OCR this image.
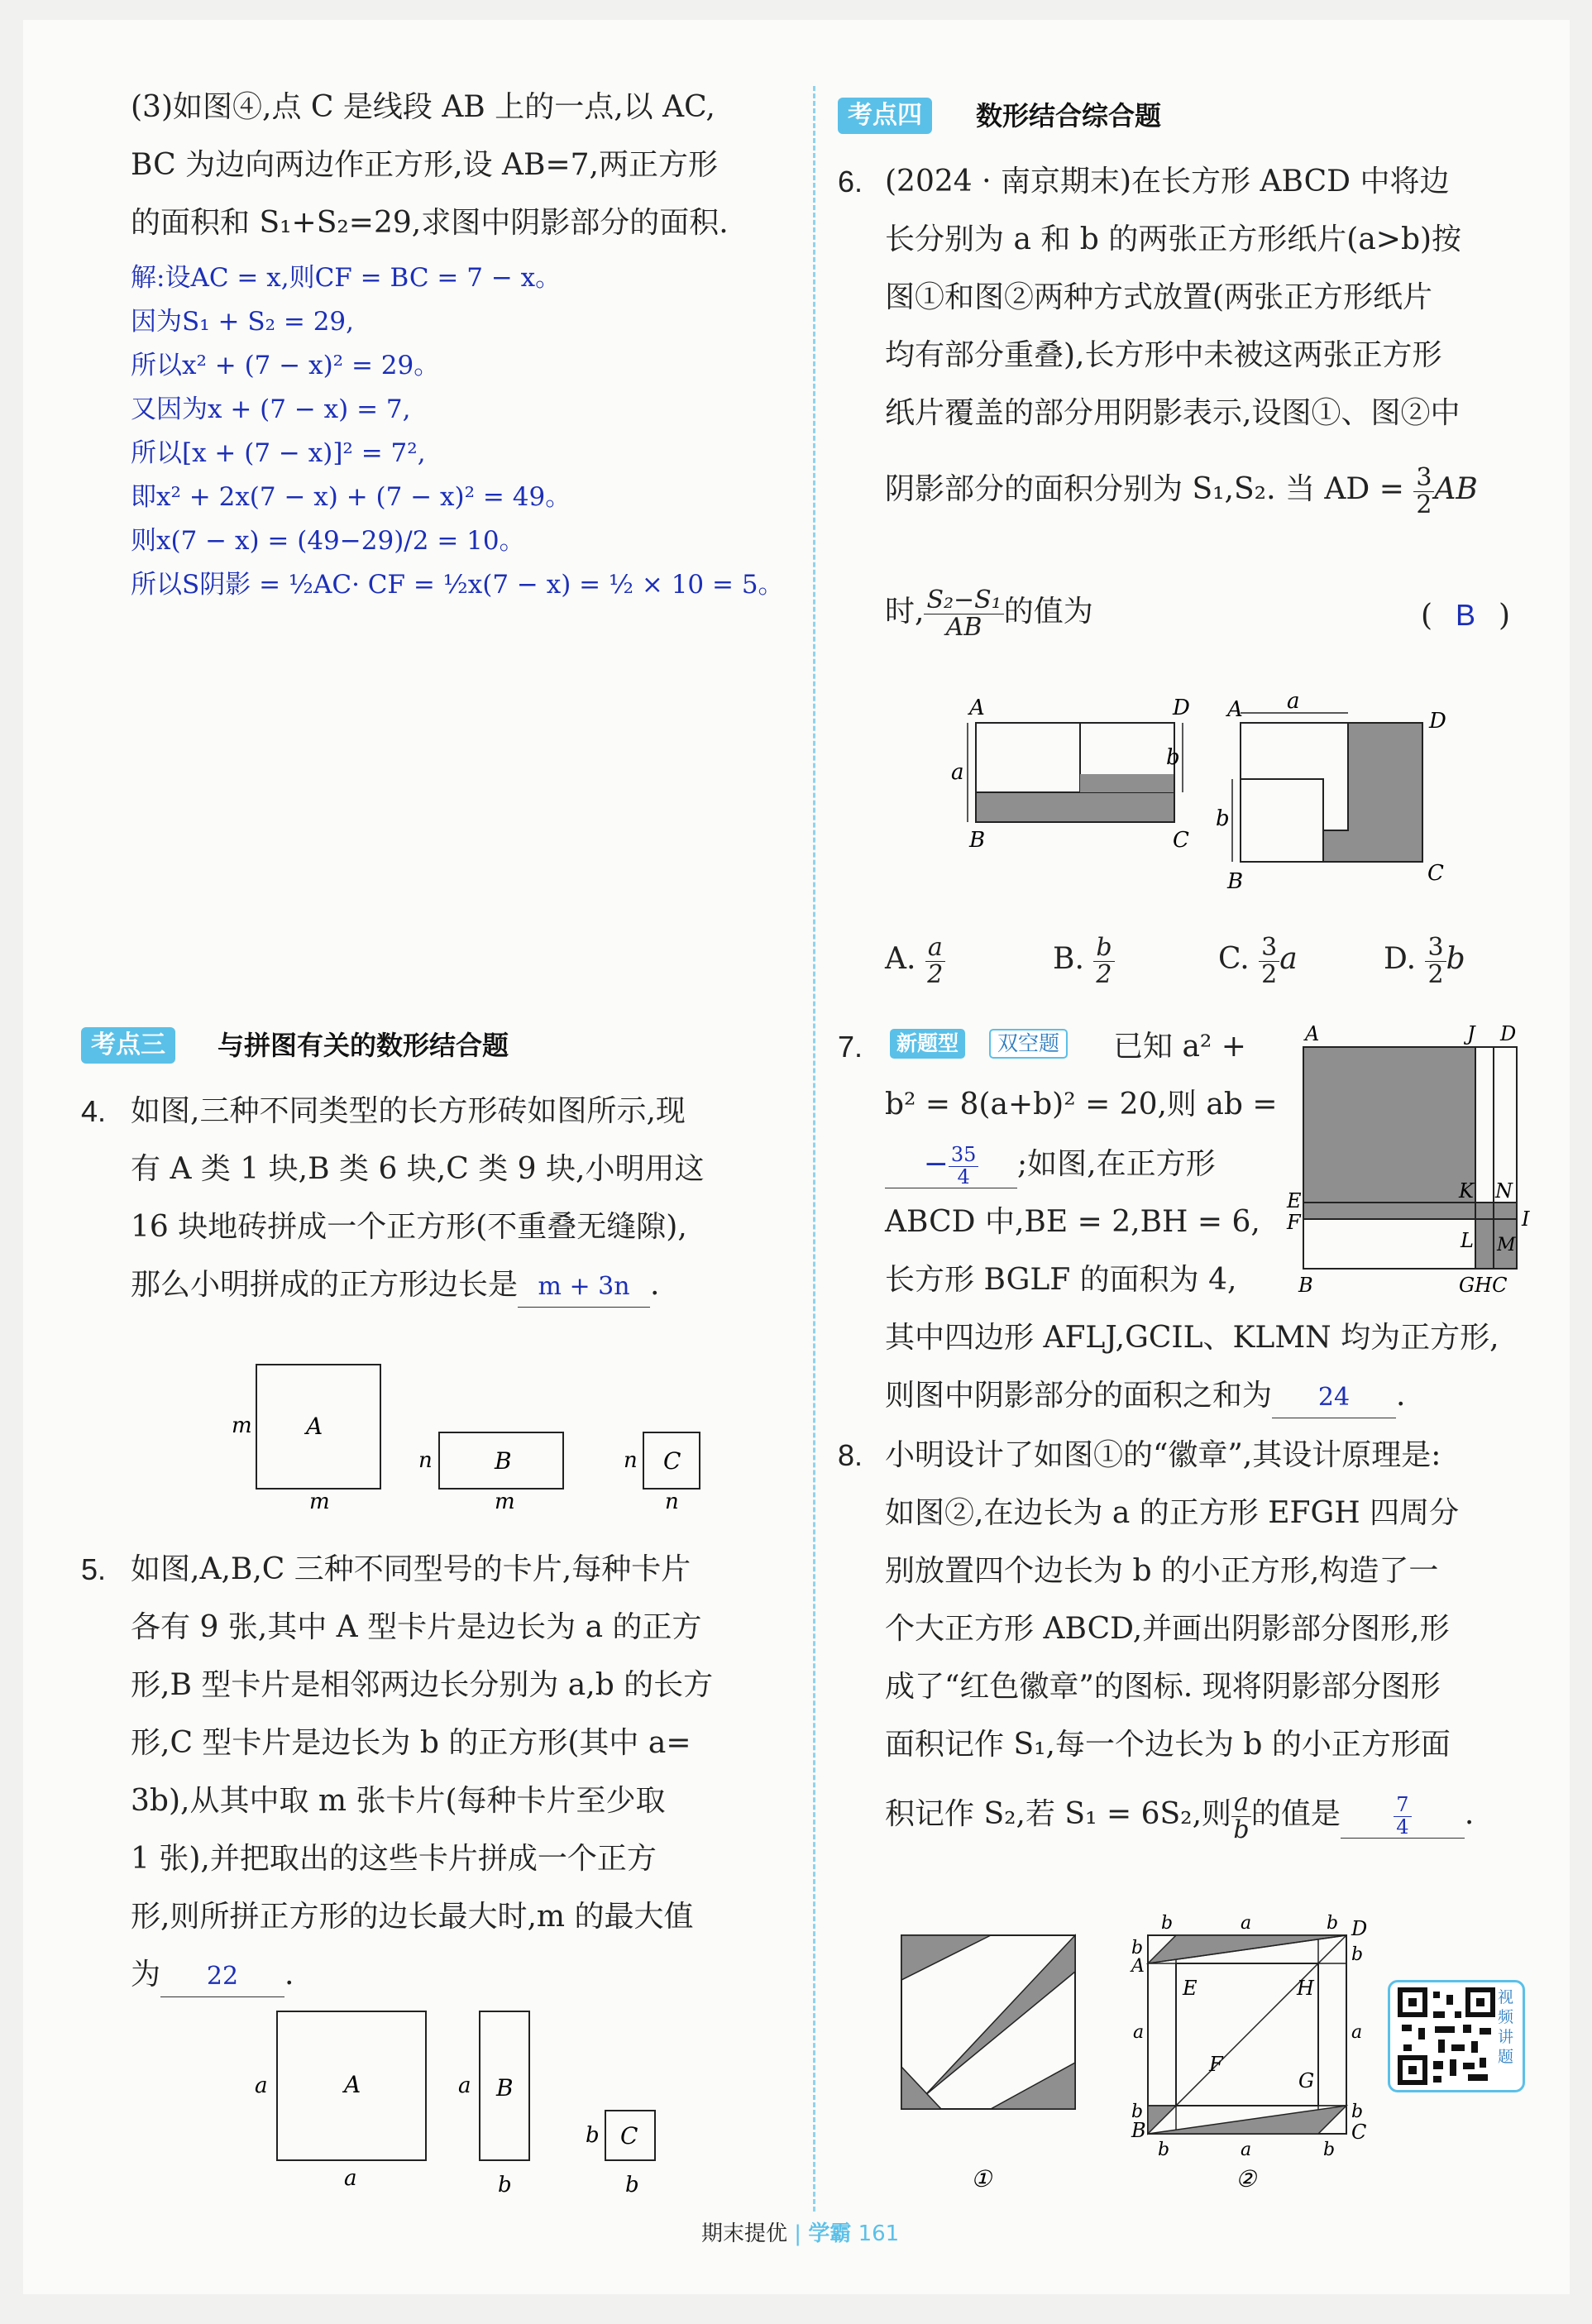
(3)如图④,点 C 是线段 AB 上的一点,以 AC,
BC 为边向两边作正方形,设 AB=7,两正方形
的面积和 S₁+S₂=29,求图中阴影部分的面积.
解:设AC = x,则CF = BC = 7 − x。
因为S₁ + S₂ = 29,
所以x² + (7 − x)² = 29。
又因为x + (7 − x) = 7,
所以[x + (7 − x)]² = 7²,
即x² + 2x(7 − x) + (7 − x)² = 49。
则x(7 − x) = (49−29)/2 = 10。
所以S阴影 = ½AC· CF = ½x(7 − x) = ½ × 10 = 5。
考点三	与拼图有关的数形结合题
4. 如图,三种不同类型的长方形砖如图所示,现
有 A 类 1 块,B 类 6 块,C 类 9 块,小明用这
16 块地砖拼成一个正方形(不重叠无缝隙),
那么小明拼成的正方形边长是 m + 3n .
A
m
m
B
n
m
C
n
n
5. 如图,A,B,C 三种不同型号的卡片,每种卡片
各有 9 张,其中 A 型卡片是边长为 a 的正方
形,B 型卡片是相邻两边长分别为 a,b 的长方
形,C 型卡片是边长为 b 的正方形(其中 a=
3b),从其中取 m 张卡片(每种卡片至少取
1 张),并把取出的这些卡片拼成一个正方
形,则所拼正方形的边长最大时,m 的最大值
为 22 .
A
a
a
B
a
b
C
b
b
考点四	数形结合综合题
6. (2024 · 南京期末)在长方形 ABCD 中将边
长分别为 a 和 b 的两张正方形纸片(a>b)按
图①和图②两种方式放置(两张正方形纸片
均有部分重叠),长方形中未被这两张正方形
纸片覆盖的部分用阴影表示,设图①、图②中
阴影部分的面积分别为 S₁,S₂. 当 AD = $\frac{3}{2}$ AB
时, $\frac{\text{S₂−S₁}}{AB}$ 的值为	( B )
A	D
B	C
a
b
A a
D
B	C
b
A. $\frac{a}{2}$	B. $\frac{b}{2}$	C. $\frac{3}{2}$ a	D. $\frac{3}{2}$ b
7.	新题型	双空题 已知 a² +
b² = 8(a+b)² = 20,则 ab =
− $\frac{35}{4}$ ;如图,在正方形
ABCD 中,BE = 2,BH = 6,
长方形 BGLF 的面积为 4,
其中四边形 AFLJ,GCIL、KLMN 均为正方形,
则图中阴影部分的面积之和为 24 .
A	J D
E
F
K N
I
L M
B	GHC
8. 小明设计了如图①的“徽章”,其设计原理是:
如图②,在边长为 a 的正方形 EFGH 四周分
别放置四个边长为 b 的小正方形,构造了一
个大正方形 ABCD,并画出阴影部分图形,形
成了“红色徽章”的图标. 现将阴影部分图形
面积记作 S₁,每一个边长为 b 的小正方形面
积记作 S₂,若 S₁ = 6S₂,则 $\frac{a}{b}$ 的值是	$\frac{7}{4}$ .
①
b	a	b D
b
A
b
E	H
a	a
F
G
b
B
b
C
b	a	b
②
视频讲题
期末提优 | 学霸 161
